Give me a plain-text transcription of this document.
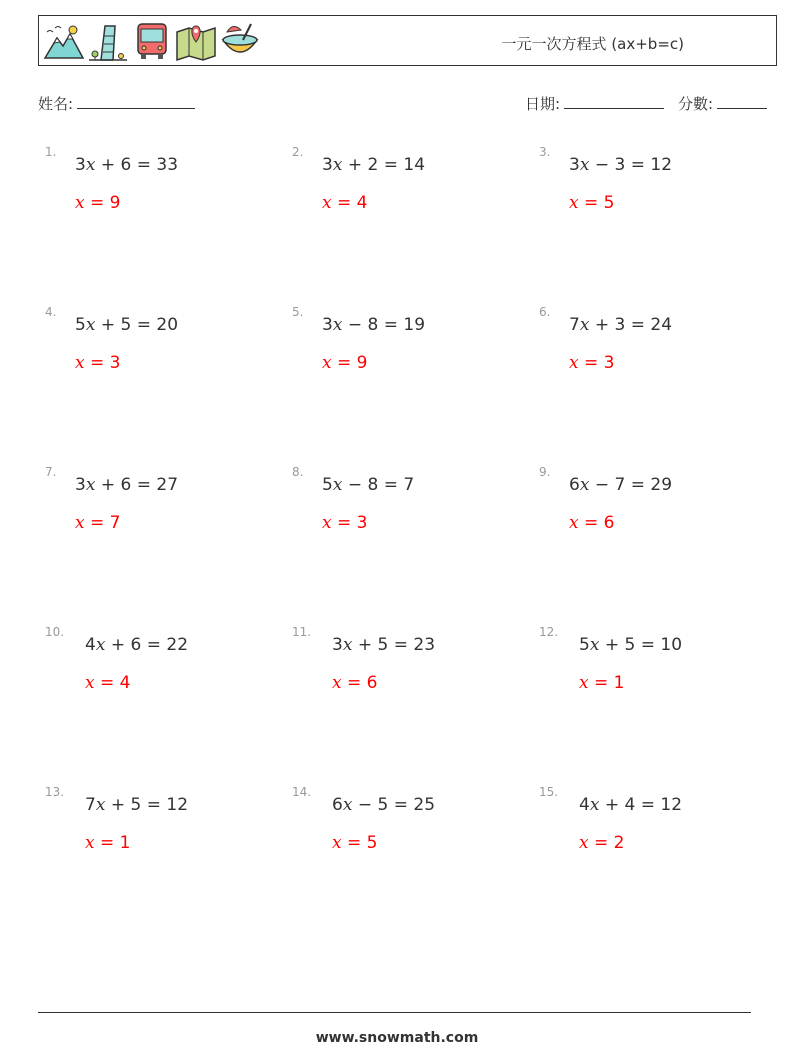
一元一次方程式 (ax+b=c)
姓名:	日期:	分數:
1.
3x + 6 = 33
x = 9
2.
3x + 2 = 14
x = 4
3.
3x − 3 = 12
x = 5
4.
5x + 5 = 20
x = 3
5.
3x − 8 = 19
x = 9
6.
7x + 3 = 24
x = 3
7.
3x + 6 = 27
x = 7
8.
5x − 8 = 7
x = 3
9.
6x − 7 = 29
x = 6
10.
4x + 6 = 22
x = 4
11.
3x + 5 = 23
x = 6
12.
5x + 5 = 10
x = 1
13.
7x + 5 = 12
x = 1
14.
6x − 5 = 25
x = 5
15.
4x + 4 = 12
x = 2
www.snowmath.com
